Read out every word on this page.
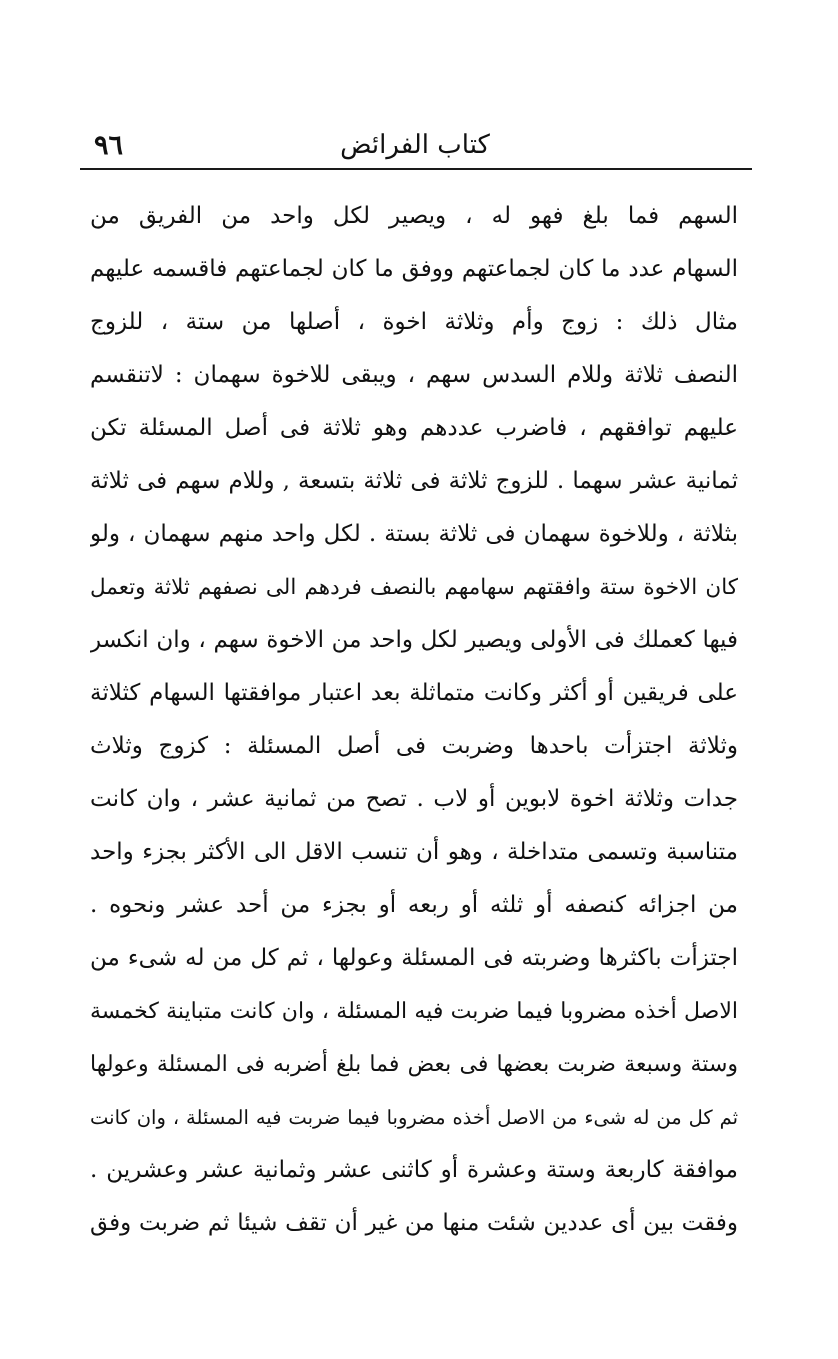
٩٦	كتاب الفرائض
السهم فما بلغ فهو له ، ويصير لكل واحد من الفريق من
السهام عدد ما كان لجماعتهم ووفق ما كان لجماعتهم فاقسمه عليهم
مثال ذلك : زوج وأم وثلاثة اخوة ، أصلها من ستة ، للزوج
النصف ثلاثة وللام السدس سهم ، ويبقى للاخوة سهمان : لاتنقسم
عليهم توافقهم ، فاضرب عددهم وهو ثلاثة فى أصل المسئلة تكن
ثمانية عشر سهما . للزوج ثلاثة فى ثلاثة بتسعة , وللام سهم فى ثلاثة
بثلاثة ، وللاخوة سهمان فى ثلاثة بستة . لكل واحد منهم سهمان ، ولو
كان الاخوة ستة وافقتهم سهامهم بالنصف فردهم الى نصفهم ثلاثة وتعمل
فيها كعملك فى الأولى ويصير لكل واحد من الاخوة سهم ، وان انكسر
على فريقين أو أكثر وكانت متماثلة بعد اعتبار موافقتها السهام كثلاثة
وثلاثة اجتزأت باحدها وضربت فى أصل المسئلة : كزوج وثلاث
جدات وثلاثة اخوة لابوين أو لاب . تصح من ثمانية عشر ، وان كانت
متناسبة وتسمى متداخلة ، وهو أن تنسب الاقل الى الأكثر بجزء واحد
من اجزائه كنصفه أو ثلثه أو ربعه أو بجزء من أحد عشر ونحوه .
اجتزأت باكثرها وضربته فى المسئلة وعولها ، ثم كل من له شىء من
الاصل أخذه مضروبا فيما ضربت فيه المسئلة ، وان كانت متباينة كخمسة
وستة وسبعة ضربت بعضها فى بعض فما بلغ أضربه فى المسئلة وعولها
ثم كل من له شىء من الاصل أخذه مضروبا فيما ضربت فيه المسئلة ، وان كانت
موافقة كاربعة وستة وعشرة أو كاثنى عشر وثمانية عشر وعشرين .
وفقت بين أى عددين شئت منها من غير أن تقف شيئا ثم ضربت وفق
